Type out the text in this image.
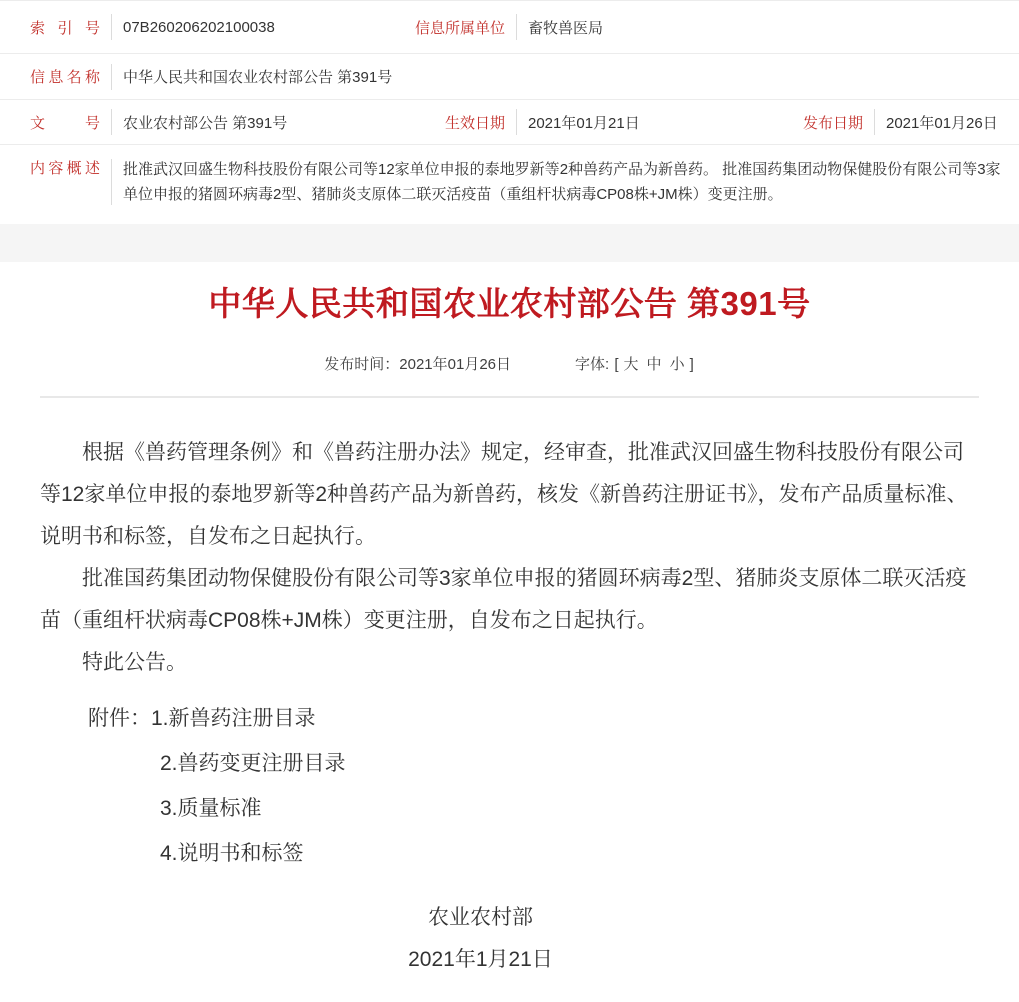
索引号 07B260206202100038	信息所属单位 畜牧兽医局
信息名称 中华人民共和国农业农村部公告 第391号
文号 农业农村部公告 第391号	生效日期 2021年01月21日	发布日期 2021年01月26日
内容概述 批准武汉回盛生物科技股份有限公司等12家单位申报的泰地罗新等2种兽药产品为新兽药。 批准国药集团动物保健股份有限公司等3家单位申报的猪圆环病毒2型、猪肺炎支原体二联灭活疫苗（重组杆状病毒CP08株+JM株）变更注册。
中华人民共和国农业农村部公告 第391号
发布时间：2021年01月26日	字体: [ 大 中 小 ]

根据《兽药管理条例》和《兽药注册办法》规定，经审查，批准武汉回盛生物科技股份有限公司等12家单位申报的泰地罗新等2种兽药产品为新兽药，核发《新兽药注册证书》，发布产品质量标准、说明书和标签，自发布之日起执行。

批准国药集团动物保健股份有限公司等3家单位申报的猪圆环病毒2型、猪肺炎支原体二联灭活疫苗（重组杆状病毒CP08株+JM株）变更注册，自发布之日起执行。

特此公告。

附件：1.新兽药注册目录

2.兽药变更注册目录

3.质量标准

4.说明书和标签

农业农村部

2021年1月21日
